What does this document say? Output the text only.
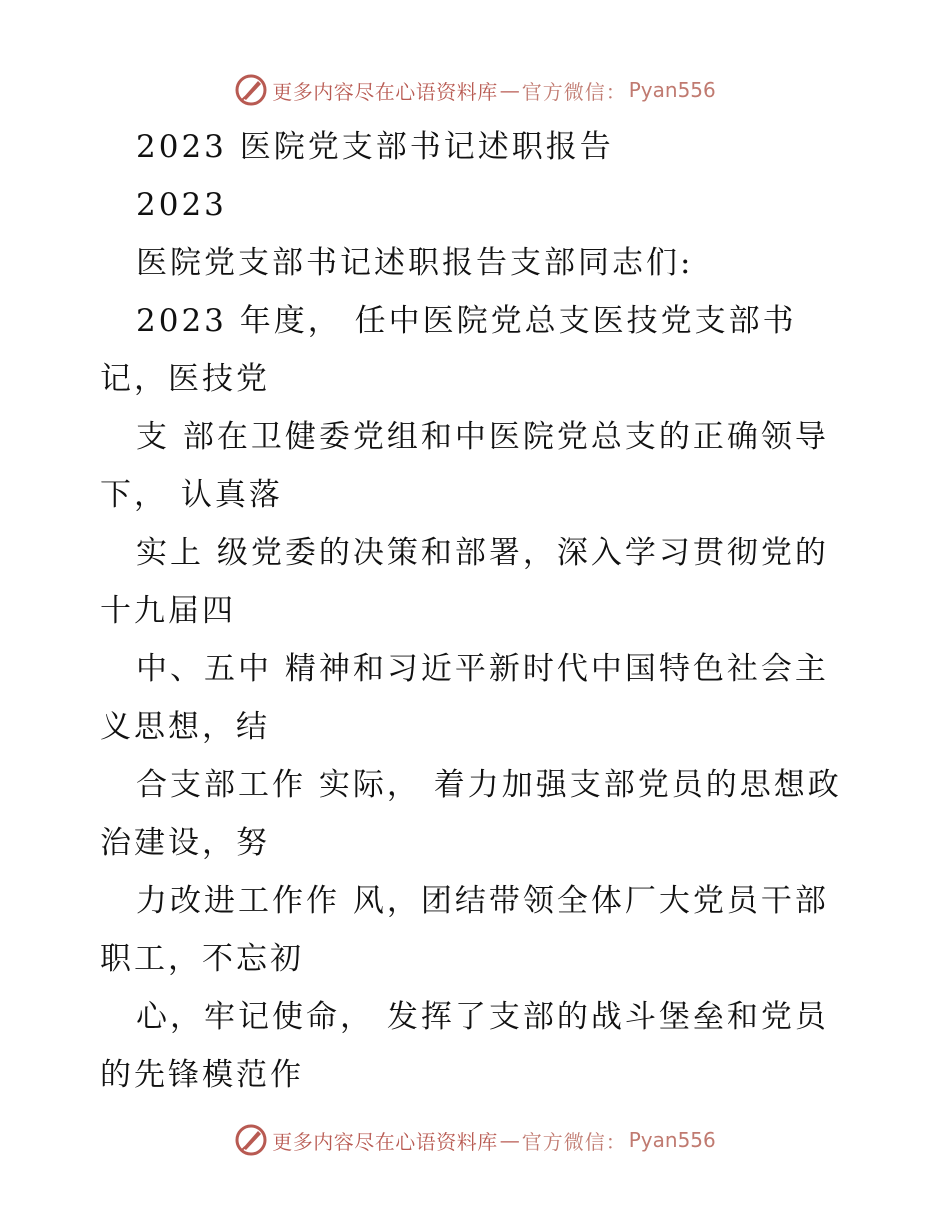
更多内容尽在心语资料库 — 官方微信： Pyan556
2023 医院党支部书记述职报告
2023
医院党支部书记述职报告支部同志们:
2023 年度， 任中医院党总支医技党支部书
记，医技党
支 部在卫健委党组和中医院党总支的正确领导
下， 认真落
实上 级党委的决策和部署，深入学习贯彻党的
十九届四
中、五中 精神和习近平新时代中国特色社会主
义思想，结
合支部工作 实际， 着力加强支部党员的思想政
治建设，努
力改进工作作 风，团结带领全体厂大党员干部
职工，不忘初
心，牢记使命， 发挥了支部的战斗堡垒和党员
的先锋模范作
更多内容尽在心语资料库 — 官方微信： Pyan556
